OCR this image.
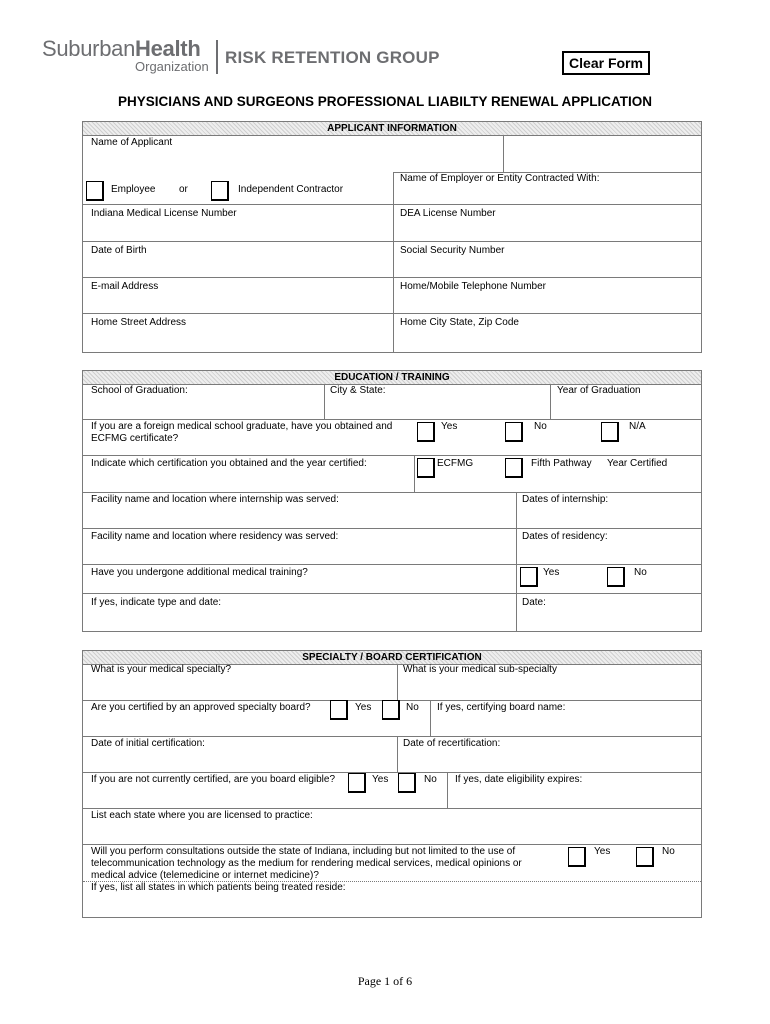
SuburbanHealth
Organization RISK RETENTION GROUP	Clear Form
PHYSICIANS AND SURGEONS PROFESSIONAL LIABILTY RENEWAL APPLICATION
APPLICANT INFORMATION
Name of Applicant
Name of Employer or Entity Contracted With:
Employee or	Independent Contractor
Indiana Medical License Number	DEA License Number
Date of Birth	Social Security Number
E-mail Address	Home/Mobile Telephone Number
Home Street Address	Home City State, Zip Code
EDUCATION / TRAINING
School of Graduation:	City & State:	Year of Graduation
If you are a foreign medical school graduate, have you obtained and ECFMG certificate?
Yes	No	N/A
Indicate which certification you obtained and the year certified:	ECFMG	Fifth Pathway Year Certified
Facility name and location where internship was served:	Dates of internship:
Facility name and location where residency was served:	Dates of residency:
Have you undergone additional medical training?	Yes	No
If yes, indicate type and date:	Date:
SPECIALTY / BOARD CERTIFICATION
What is your medical specialty?	What is your medical sub-specialty
Are you certified by an approved specialty board?	Yes	No If yes, certifying board name:
Date of initial certification:	Date of recertification:
If you are not currently certified, are you board eligible?	Yes	No If yes, date eligibility expires:
List each state where you are licensed to practice:
Will you perform consultations outside the state of Indiana, including but not limited to the use of telecommunication technology as the medium for rendering medical services, medical opinions or medical advice (telemedicine or internet medicine)?
Yes	No
If yes, list all states in which patients being treated reside:
Page 1 of 6
